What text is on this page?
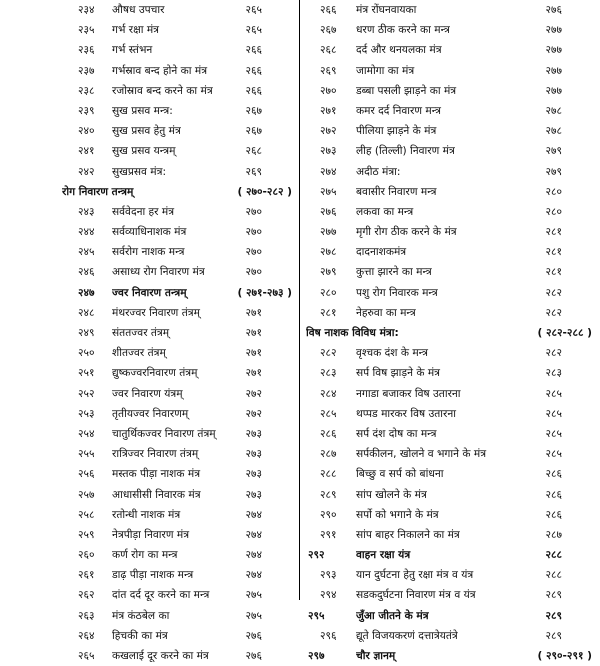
२३४ औषध उपचार	२६५
२३५ गर्भ रक्षा मंत्र	२६५
२३६ गर्भ स्तंभन	२६६
२३७ गर्भस्राव बन्द होने का मंत्र	२६६
२३८ रजोस्राव बन्द करने का मंत्र	२६६
२३९ सुख प्रसव मन्त्र:	२६७
२४० सुख प्रसव हेतु मंत्र	२६७
२४१ सुख प्रसव यन्त्रम्	२६८
२४२ सुखप्रसव मंत्र:	२६९
रोग निवारण तन्त्रम्	( २७०-२८२ )
२४३ सर्ववेदना हर मंत्र	२७०
२४४ सर्वव्याधिनाशक मंत्र	२७०
२४५ सर्वरोग नाशक मन्त्र	२७०
२४६ असाध्य रोग निवारण मंत्र	२७०
२४७ ज्वर निवारण तन्त्रम्	( २७१-२७३ )
२४८ मंथरज्वर निवारण तंत्रम्	२७१
२४९ संततज्वर तंत्रम्	२७१
२५० शीतज्वर तंत्रम्	२७१
२५१ द्युष्कज्वरनिवारण तंत्रम्	२७१
२५२ ज्वर निवारण यंत्रम्	२७२
२५३ तृतीयज्वर निवारणम्	२७२
२५४ चातुर्थिकज्वर निवारण तंत्रम्	२७३
२५५ रात्रिज्वर निवारण तंत्रम्	२७३
२५६ मस्तक पीड़ा नाशक मंत्र	२७३
२५७ आधासीसी निवारक मंत्र	२७३
२५८ रतोन्धी नाशक मंत्र	२७४
२५९ नेत्रपीड़ा निवारण मंत्र	२७४
२६० कर्ण रोग का मन्त्र	२७४
२६१ डाढ़ पीड़ा नाशक मन्त्र	२७४
२६२ दांत दर्द दूर करने का मन्त्र	२७५
२६३ मंत्र कंठबेल का	२७५
२६४ हिचकी का मंत्र	२७६
२६५ कखलाई दूर करने का मंत्र	२७६
२६६ मंत्र रोंघनवायका	२७६
२६७ धरण ठीक करने का मन्त्र	२७७
२६८ दर्द और थनयलका मंत्र	२७७
२६९ जामोगा का मंत्र	२७७
२७० डब्बा पसली झाड़ने का मंत्र	२७७
२७१ कमर दर्द निवारण मन्त्र	२७८
२७२ पीलिया झाड़ने के मंत्र	२७८
२७३ लीह (तिल्ली) निवारण मंत्र	२७९
२७४ अदीठ मंत्रा:	२७९
२७५ बवासीर निवारण मन्त्र	२८०
२७६ लकवा का मन्त्र	२८०
२७७ मृगी रोग ठीक करने के मंत्र	२८१
२७८ दादनाशकमंत्र	२८१
२७९ कुत्ता झारने का मन्त्र	२८१
२८० पशु रोग निवारक मन्त्र	२८२
२८१ नेहरुवा का मन्त्र	२८२
विष नाशक विविध मंत्रा:	( २८२-२८८ )
२८२ वृश्चक दंश के मन्त्र	२८२
२८३ सर्प विष झाड़ने के मंत्र	२८३
२८४ नगाडा बजाकर विष उतारना	२८५
२८५ थप्पड मारकर विष उतारना	२८५
२८६ सर्प दंश दोष का मन्त्र	२८५
२८७ सर्पकीलन, खोलने व भगाने के मंत्र	२८५
२८८ बिच्छु व सर्प को बांधना	२८६
२८९ सांप खोलने के मंत्र	२८६
२९० सर्पो को भगाने के मंत्र	२८६
२९१ सांप बाहर निकालने का मंत्र	२८७
२९२	वाहन रक्षा यंत्र	२८८
२९३ यान दुर्घटना हेतु रक्षा मंत्र व यंत्र	२८८
२९४ सडकदुर्घटना निवारण मंत्र व यंत्र	२८९
२९५	जुँआ जीतने के मंत्र	२८९
२९६ द्यूते विजयकरणं दत्तात्रेयतंत्रे	२८९
२९७	चौर ज्ञानम्	( २९०-२९१ )
